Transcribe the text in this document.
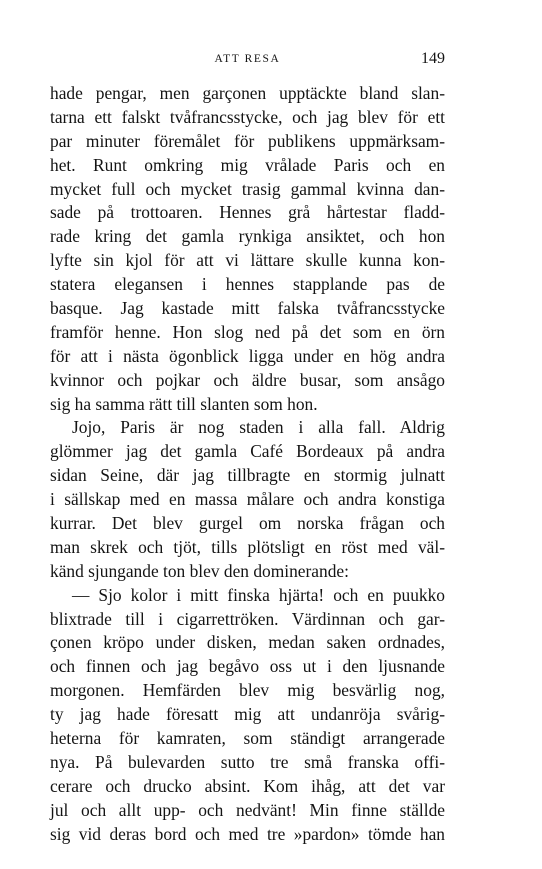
ATT RESA	149
hade pengar, men garçonen upptäckte bland slan-
tarna ett falskt tvåfrancsstycke, och jag blev för ett
par minuter föremålet för publikens uppmärksam-
het. Runt omkring mig vrålade Paris och en
mycket full och mycket trasig gammal kvinna dan-
sade på trottoaren. Hennes grå hårtestar fladd-
rade kring det gamla rynkiga ansiktet, och hon
lyfte sin kjol för att vi lättare skulle kunna kon-
statera elegansen i hennes stapplande pas de
basque. Jag kastade mitt falska tvåfrancsstycke
framför henne. Hon slog ned på det som en örn
för att i nästa ögonblick ligga under en hög andra
kvinnor och pojkar och äldre busar, som ansågo
sig ha samma rätt till slanten som hon.
Jojo, Paris är nog staden i alla fall. Aldrig
glömmer jag det gamla Café Bordeaux på andra
sidan Seine, där jag tillbragte en stormig julnatt
i sällskap med en massa målare och andra konstiga
kurrar. Det blev gurgel om norska frågan och
man skrek och tjöt, tills plötsligt en röst med väl-
känd sjungande ton blev den dominerande:
— Sjo kolor i mitt finska hjärta! och en puukko
blixtrade till i cigarrettröken. Värdinnan och gar-
çonen kröpo under disken, medan saken ordnades,
och finnen och jag begåvo oss ut i den ljusnande
morgonen. Hemfärden blev mig besvärlig nog,
ty jag hade föresatt mig att undanröja svårig-
heterna för kamraten, som ständigt arrangerade
nya. På bulevarden sutto tre små franska offi-
cerare och drucko absint. Kom ihåg, att det var
jul och allt upp- och nedvänt! Min finne ställde
sig vid deras bord och med tre »pardon» tömde han
